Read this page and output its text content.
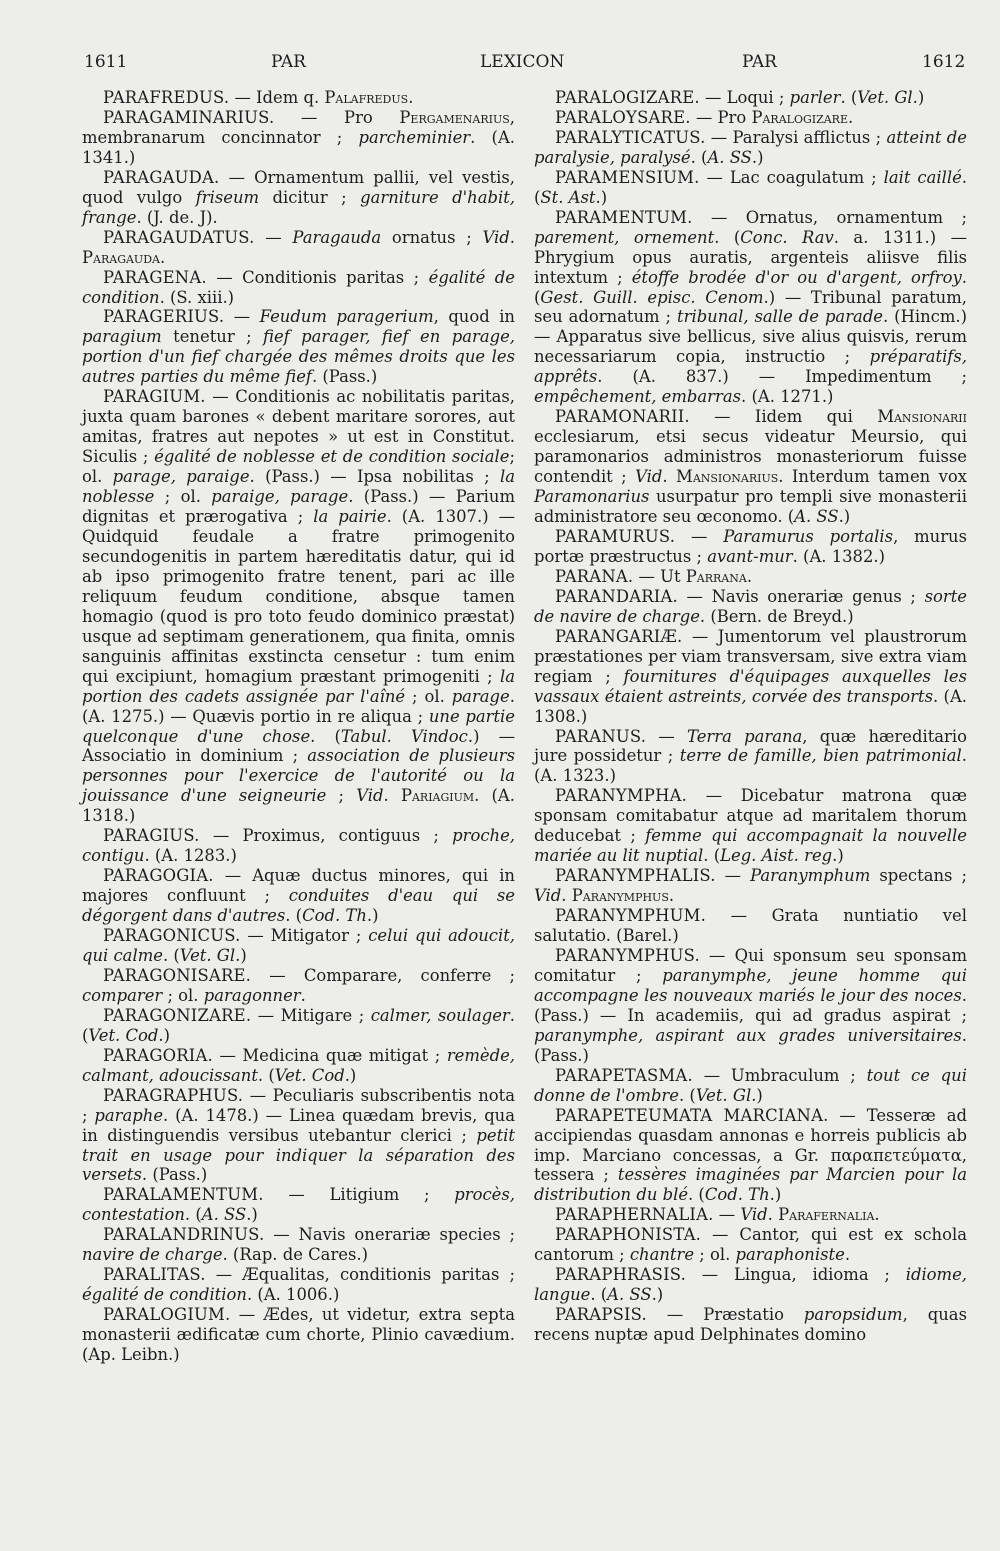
1611	PAR	LEXICON	PAR	1612

PARAFREDUS. — Idem q. Palafredus.

PARAGAMINARIUS. — Pro Pergamenarius, membranarum concinnator ; parcheminier. (A. 1341.)

PARAGAUDA. — Ornamentum pallii, vel vestis, quod vulgo friseum dicitur ; garniture d'habit, frange. (J. de. J).

PARAGAUDATUS. — Paragauda ornatus ; Vid. Paragauda.

PARAGENA. — Conditionis paritas ; égalité de condition. (S. xiii.)

PARAGERIUS. — Feudum paragerium, quod in paragium tenetur ; fief parager, fief en parage, portion d'un fief chargée des mêmes droits que les autres parties du même fief. (Pass.)

PARAGIUM. — Conditionis ac nobilitatis paritas, juxta quam barones « debent maritare sorores, aut amitas, fratres aut nepotes » ut est in Constitut. Siculis ; égalité de noblesse et de condition sociale; ol. parage, paraige. (Pass.) — Ipsa nobilitas ; la noblesse ; ol. paraige, parage. (Pass.) — Parium dignitas et prærogativa ; la pairie. (A. 1307.) — Quidquid feudale a fratre primogenito secundogenitis in partem hæreditatis datur, qui id ab ipso primogenito fratre tenent, pari ac ille reliquum feudum conditione, absque tamen homagio (quod is pro toto feudo dominico præstat) usque ad septimam generationem, qua finita, omnis sanguinis affinitas exstincta censetur : tum enim qui excipiunt, homagium præstant primogeniti ; la portion des cadets assignée par l'aîné ; ol. parage. (A. 1275.) — Quævis portio in re aliqua ; une partie quelconque d'une chose. (Tabul. Vindoc.) — Associatio in dominium ; association de plusieurs personnes pour l'exercice de l'autorité ou la jouissance d'une seigneurie ; Vid. Pariagium. (A. 1318.)

PARAGIUS. — Proximus, contiguus ; proche, contigu. (A. 1283.)

PARAGOGIA. — Aquæ ductus minores, qui in majores confluunt ; conduites d'eau qui se dégorgent dans d'autres. (Cod. Th.)

PARAGONICUS. — Mitigator ; celui qui adoucit, qui calme. (Vet. Gl.)

PARAGONISARE. — Comparare, conferre ; comparer ; ol. paragonner.

PARAGONIZARE. — Mitigare ; calmer, soulager. (Vet. Cod.)

PARAGORIA. — Medicina quæ mitigat ; remède, calmant, adoucissant. (Vet. Cod.)

PARAGRAPHUS. — Peculiaris subscribentis nota ; paraphe. (A. 1478.) — Linea quædam brevis, qua in distinguendis versibus utebantur clerici ; petit trait en usage pour indiquer la séparation des versets. (Pass.)

PARALAMENTUM. — Litigium ; procès, contestation. (A. SS.)

PARALANDRINUS. — Navis onerariæ species ; navire de charge. (Rap. de Cares.)

PARALITAS. — Æqualitas, conditionis paritas ; égalité de condition. (A. 1006.)

PARALOGIUM. — Ædes, ut videtur, extra septa monasterii ædificatæ cum chorte, Plinio cavædium. (Ap. Leibn.)

PARALOGIZARE. — Loqui ; parler. (Vet. Gl.)

PARALOYSARE. — Pro Paralogizare.

PARALYTICATUS. — Paralysi afflictus ; atteint de paralysie, paralysé. (A. SS.)

PARAMENSIUM. — Lac coagulatum ; lait caillé. (St. Ast.)

PARAMENTUM. — Ornatus, ornamentum ; parement, ornement. (Conc. Rav. a. 1311.) — Phrygium opus auratis, argenteis aliisve filis intextum ; étoffe brodée d'or ou d'argent, orfroy. (Gest. Guill. episc. Cenom.) — Tribunal paratum, seu adornatum ; tribunal, salle de parade. (Hincm.) — Apparatus sive bellicus, sive alius quisvis, rerum necessariarum copia, instructio ; préparatifs, apprêts. (A. 837.) — Impedimentum ; empêchement, embarras. (A. 1271.)

PARAMONARII. — Iidem qui Mansionarii ecclesiarum, etsi secus videatur Meursio, qui paramonarios administros monasteriorum fuisse contendit ; Vid. Mansionarius. Interdum tamen vox Paramonarius usurpatur pro templi sive monasterii administratore seu œconomo. (A. SS.)

PARAMURUS. — Paramurus portalis, murus portæ præstructus ; avant-mur. (A. 1382.)

PARANA. — Ut Parrana.

PARANDARIA. — Navis onerariæ genus ; sorte de navire de charge. (Bern. de Breyd.)

PARANGARIÆ. — Jumentorum vel plaustrorum præstationes per viam transversam, sive extra viam regiam ; fournitures d'équipages auxquelles les vassaux étaient astreints, corvée des transports. (A. 1308.)

PARANUS. — Terra parana, quæ hæreditario jure possidetur ; terre de famille, bien patrimonial. (A. 1323.)

PARANYMPHA. — Dicebatur matrona quæ sponsam comitabatur atque ad maritalem thorum deducebat ; femme qui accompagnait la nouvelle mariée au lit nuptial. (Leg. Aist. reg.)

PARANYMPHALIS. — Paranymphum spectans ; Vid. Paranymphus.

PARANYMPHUM. — Grata nuntiatio vel salutatio. (Barel.)

PARANYMPHUS. — Qui sponsum seu sponsam comitatur ; paranymphe, jeune homme qui accompagne les nouveaux mariés le jour des noces. (Pass.) — In academiis, qui ad gradus aspirat ; paranymphe, aspirant aux grades universitaires. (Pass.)

PARAPETASMA. — Umbraculum ; tout ce qui donne de l'ombre. (Vet. Gl.)

PARAPETEUMATA MARCIANA. — Tesseræ ad accipiendas quasdam annonas e horreis publicis ab imp. Marciano concessas, a Gr. παραπετεύματα, tessera ; tessères imaginées par Marcien pour la distribution du blé. (Cod. Th.)

PARAPHERNALIA. — Vid. Parafernalia.

PARAPHONISTA. — Cantor, qui est ex schola cantorum ; chantre ; ol. paraphoniste.

PARAPHRASIS. — Lingua, idioma ; idiome, langue. (A. SS.)

PARAPSIS. — Præstatio paropsidum, quas recens nuptæ apud Delphinates domino
